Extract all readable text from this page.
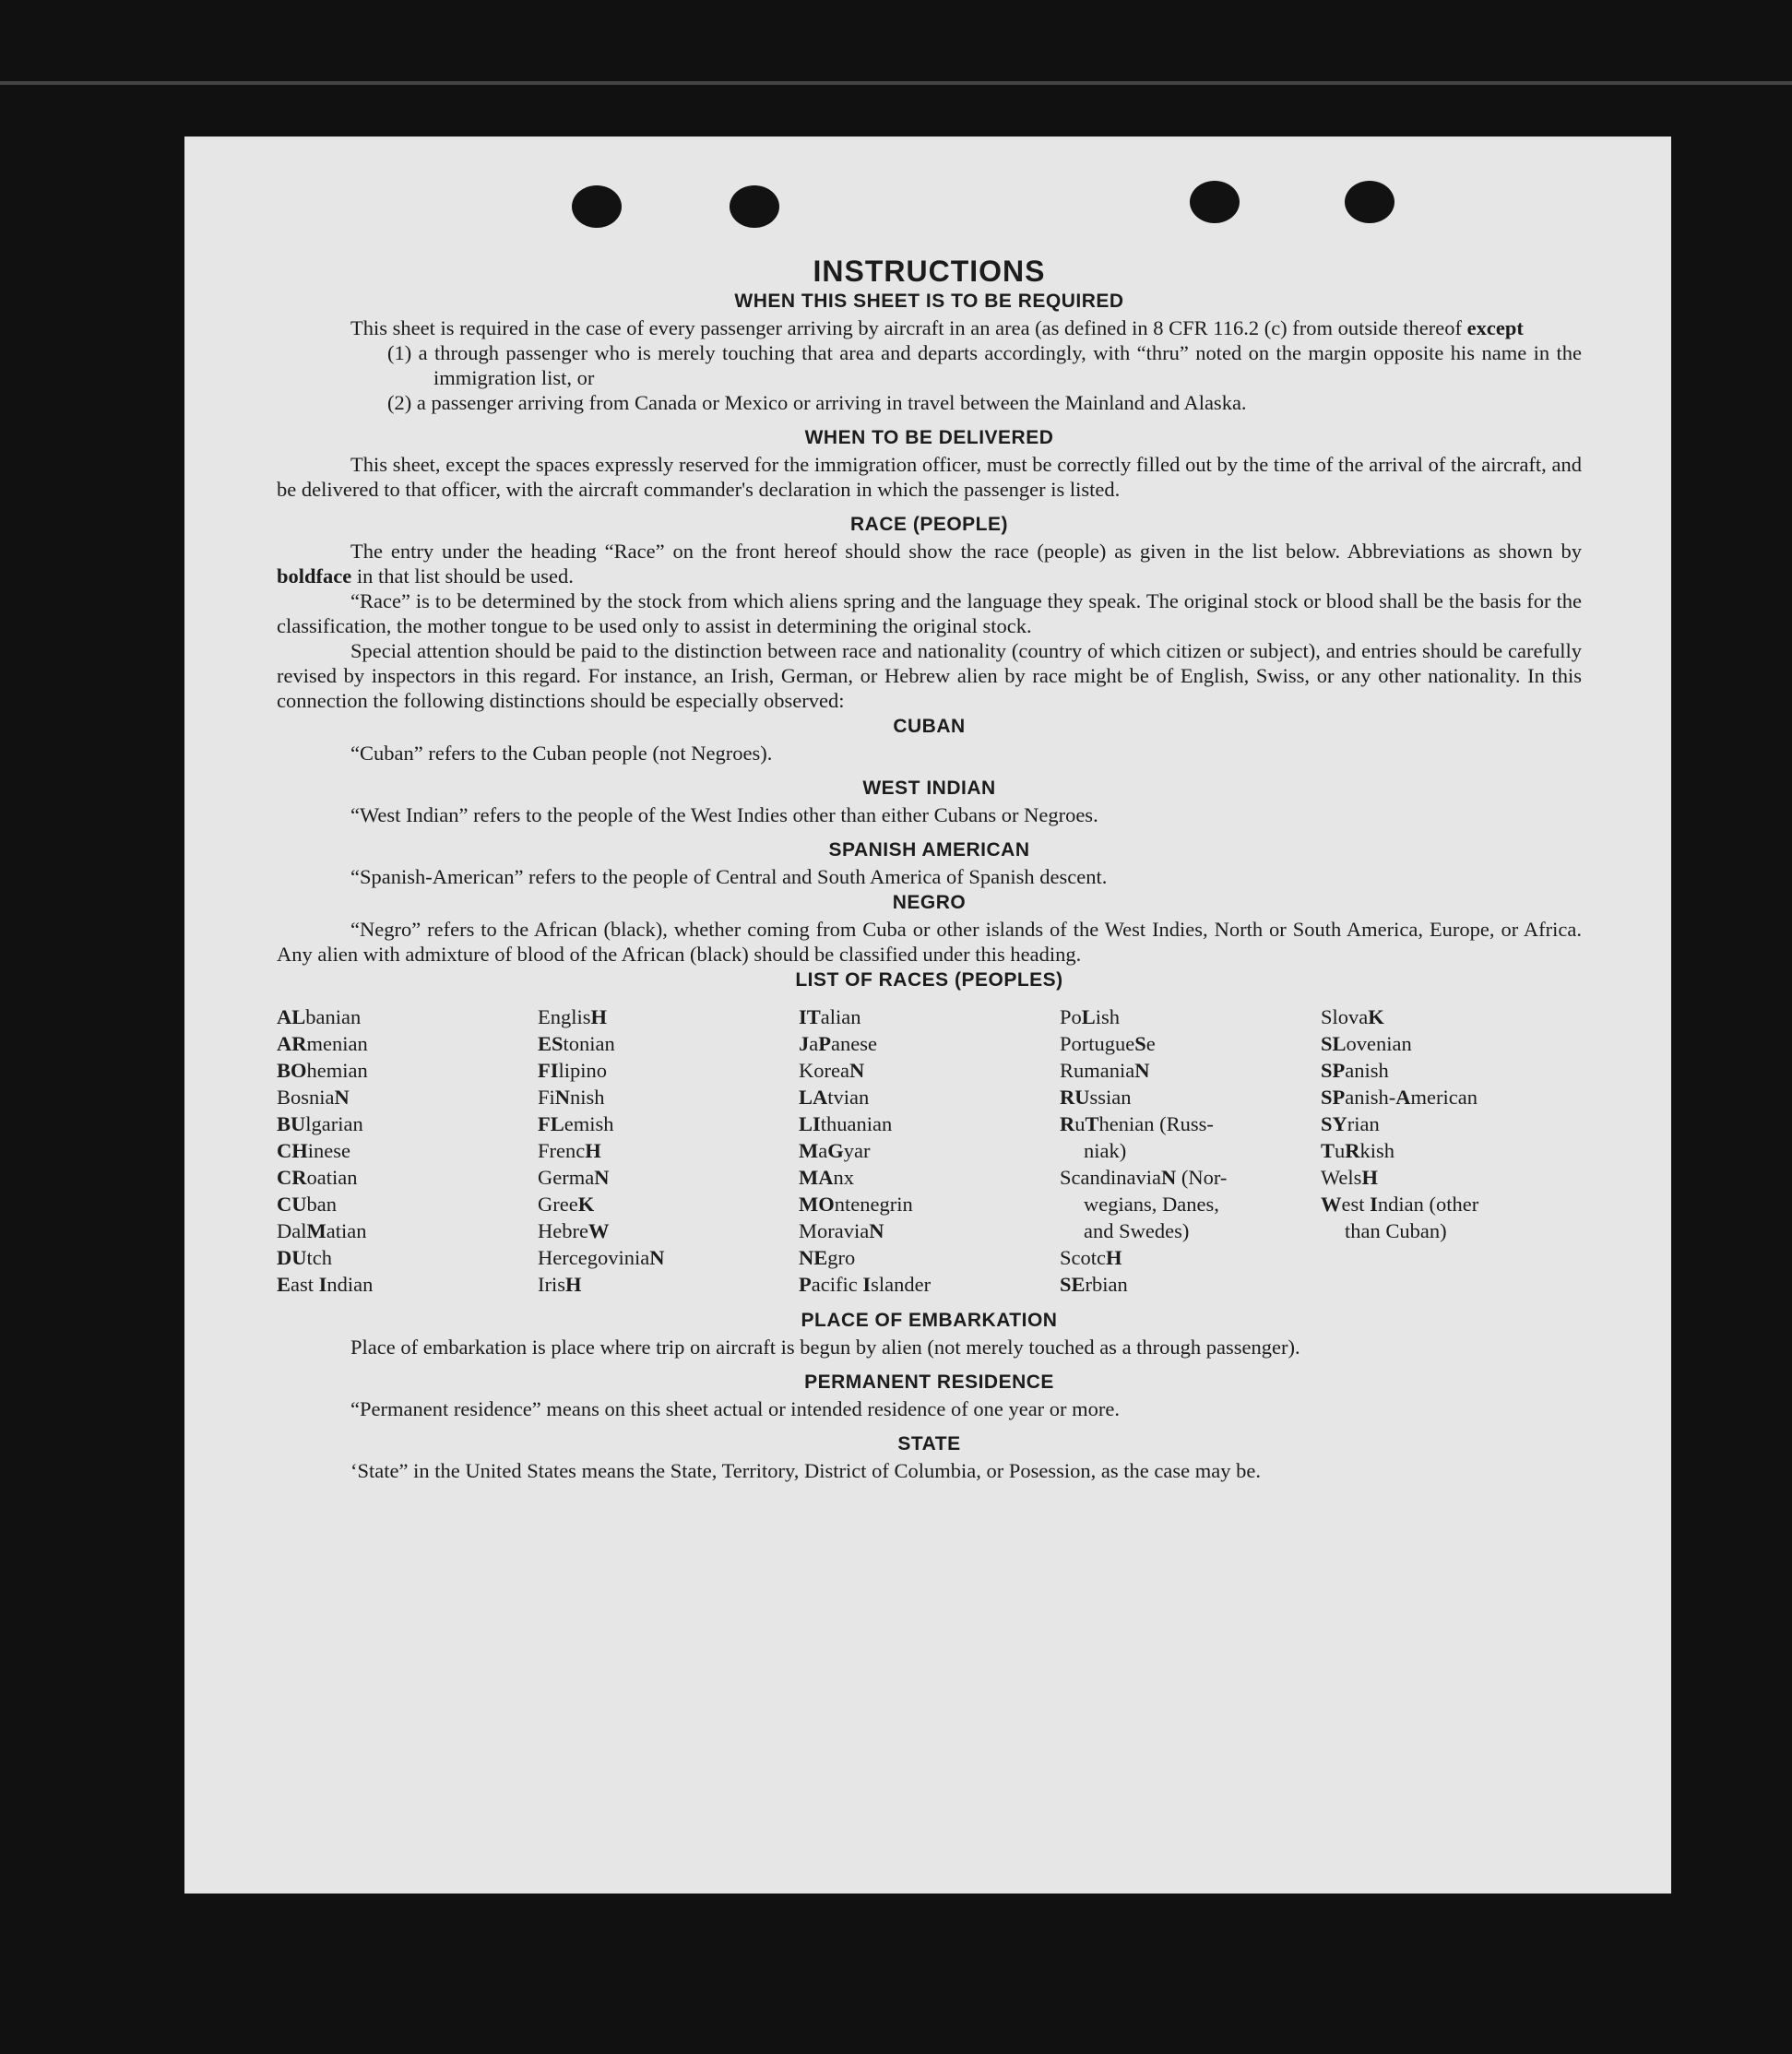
INSTRUCTIONS
WHEN THIS SHEET IS TO BE REQUIRED

This sheet is required in the case of every passenger arriving by aircraft in an area (as defined in 8 CFR 116.2 (c) from outside thereof except

(1) a through passenger who is merely touching that area and departs accordingly, with “thru” noted on the margin opposite his name in the immigration list, or

(2) a passenger arriving from Canada or Mexico or arriving in travel between the Mainland and Alaska.

WHEN TO BE DELIVERED

This sheet, except the spaces expressly reserved for the immigration officer, must be correctly filled out by the time of the arrival of the aircraft, and be delivered to that officer, with the aircraft commander's declaration in which the passenger is listed.

RACE (PEOPLE)

The entry under the heading “Race” on the front hereof should show the race (people) as given in the list below. Abbreviations as shown by boldface in that list should be used.

“Race” is to be determined by the stock from which aliens spring and the language they speak. The original stock or blood shall be the basis for the classification, the mother tongue to be used only to assist in determining the original stock.

Special attention should be paid to the distinction between race and nationality (country of which citizen or subject), and entries should be carefully revised by inspectors in this regard. For instance, an Irish, German, or Hebrew alien by race might be of English, Swiss, or any other nationality. In this connection the following distinctions should be especially observed:

CUBAN

“Cuban” refers to the Cuban people (not Negroes).

WEST INDIAN

“West Indian” refers to the people of the West Indies other than either Cubans or Negroes.

SPANISH AMERICAN

“Spanish-American” refers to the people of Central and South America of Spanish descent.

NEGRO

“Negro” refers to the African (black), whether coming from Cuba or other islands of the West Indies, North or South America, Europe, or Africa. Any alien with admixture of blood of the African (black) should be classified under this heading.

LIST OF RACES (PEOPLES)
ALbanian
ARmenian
BOhemian
BosniaN
BUlgarian
CHinese
CRoatian
CUban
DalMatian
DUtch
East Indian
EnglisH
EStonian
FIlipino
FiNnish
FLemish
FrencH
GermaN
GreeK
HebreW
HercegoviniaN
IrisH
ITalian
JaPanese
KoreaN
LAtvian
LIthuanian
MaGyar
MAnx
MOntenegrin
MoraviaN
NEgro
Pacific Islander
PoLish
PortugueSe
RumaniaN
RUssian
RuThenian (Russ-
niak)
ScandinaviaN (Nor-
wegians, Danes,
and Swedes)
ScotcH
SErbian
SlovaK
SLovenian
SPanish
SPanish-American
SYrian
TuRkish
WelsH
West Indian (other
than Cuban)
PLACE OF EMBARKATION

Place of embarkation is place where trip on aircraft is begun by alien (not merely touched as a through passenger).

PERMANENT RESIDENCE

“Permanent residence” means on this sheet actual or intended residence of one year or more.

STATE

‘State” in the United States means the State, Territory, District of Columbia, or Posession, as the case may be.
